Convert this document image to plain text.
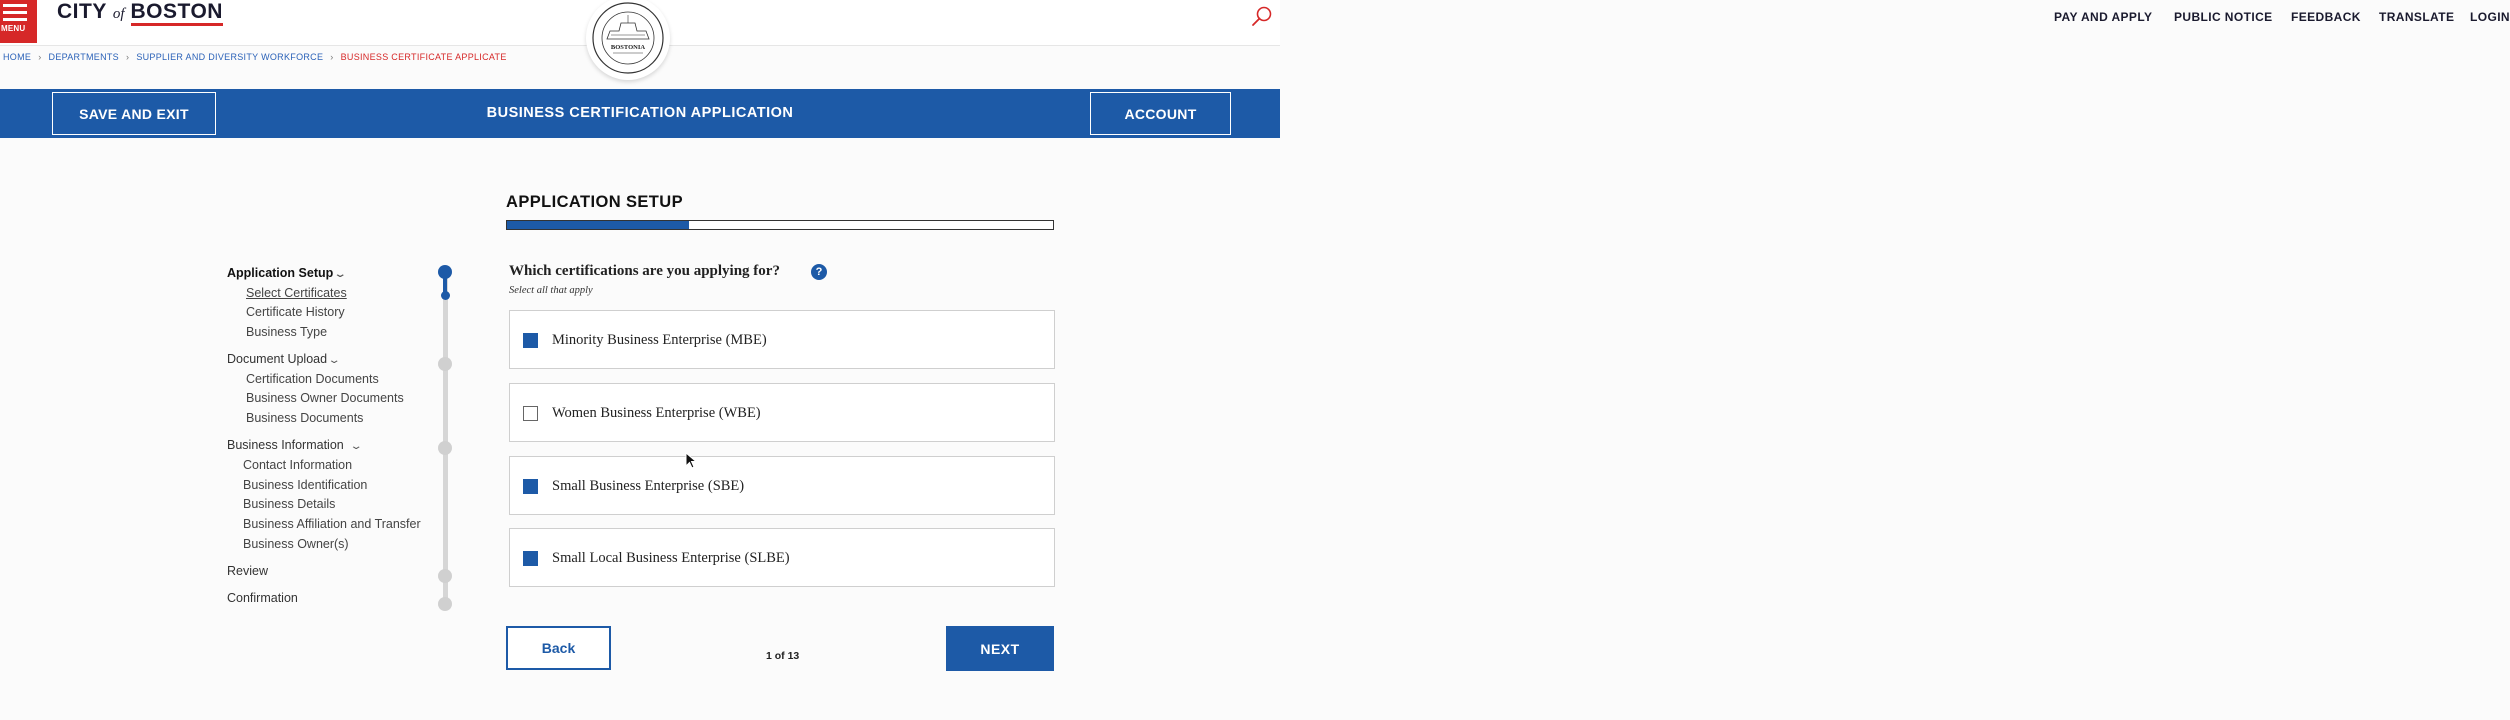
MENU
CITY of BOSTON	PAY AND APPLY PUBLIC NOTICE FEEDBACK TRANSLATE LOGIN
BOSTONIA
HOME › DEPARTMENTS › SUPPLIER AND DIVERSITY WORKFORCE › BUSINESS CERTIFICATE APPLICATE
BUSINESS CERTIFICATION APPLICATION
SAVE AND EXIT	ACCOUNT
Application Setup⌄
Select Certificates
Certificate History
Business Type
Document Upload⌄
Certification Documents
Business Owner Documents
Business Documents
Business Information ⌄
Contact Information
Business Identification
Business Details
Business Affiliation and Transfer
Business Owner(s)
Review
Confirmation
APPLICATION SETUP
Which certifications are you applying for?	?
Select all that apply
Minority Business Enterprise (MBE)
Women Business Enterprise (WBE)
Small Business Enterprise (SBE)
Small Local Business Enterprise (SLBE)
Back	1 of 13	NEXT
